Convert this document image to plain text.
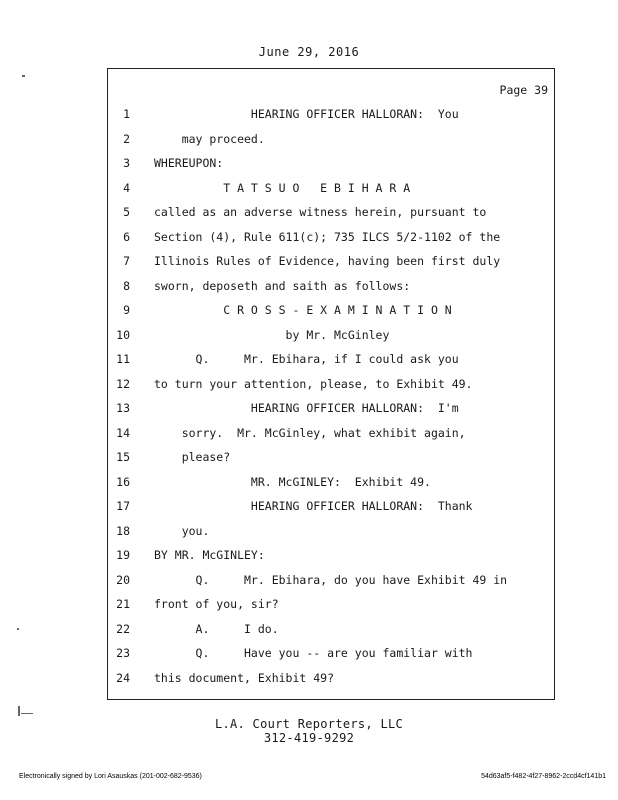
June 29, 2016
Page 39
1 HEARING OFFICER HALLORAN:  You
2 may proceed.
3 WHEREUPON:
4 T A T S U O   E B I H A R A
5 called as an adverse witness herein, pursuant to
6 Section (4), Rule 611(c); 735 ILCS 5/2-1102 of the
7 Illinois Rules of Evidence, having been first duly
8 sworn, deposeth and saith as follows:
9 C R O S S - E X A M I N A T I O N
10 by Mr. McGinley
11 Q.     Mr. Ebihara, if I could ask you
12 to turn your attention, please, to Exhibit 49.
13 HEARING OFFICER HALLORAN:  I'm
14 sorry.  Mr. McGinley, what exhibit again,
15 please?
16 MR. McGINLEY:  Exhibit 49.
17 HEARING OFFICER HALLORAN:  Thank
18 you.
19 BY MR. McGINLEY:
20 Q.     Mr. Ebihara, do you have Exhibit 49 in
21 front of you, sir?
22 A.     I do.
23 Q.     Have you -- are you familiar with
24 this document, Exhibit 49?
L.A. Court Reporters, LLC
312-419-9292
Electronically signed by Lori Asauskas (201-002-682-9536)	54d63af5-f482-4f27-8962-2ccd4cf141b1
